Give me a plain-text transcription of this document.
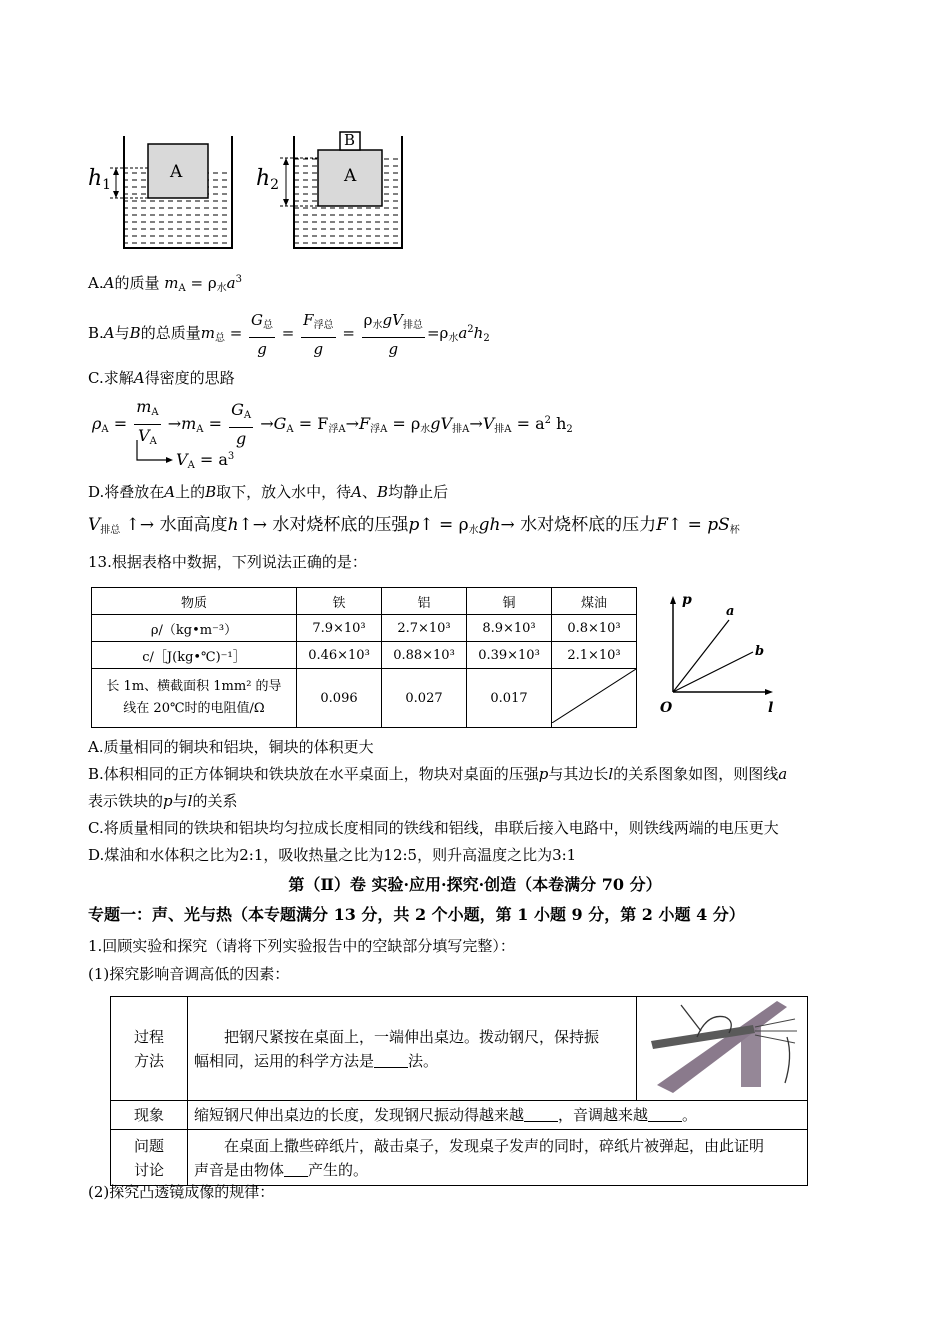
h1	h2
A	A
B
A.A的质量 $m_A = \rho_水a^3$
B.A与B的总质量$m_总 = \frac{G_总}{g} = \frac{F_{浮总}}{g} = \frac{\rho_水gV_{排总}}{g} =\rho_水a^2h_2$
C.求解A得密度的思路
$\rho_A = \frac{m_A}{V_A} \to m_A = \frac{G_A}{g} \to G_A = F_{浮A}\to F_{浮A} = \rho_水gV_{排A}\to V_{排A} = a^2$ $h_2$
$V_A = a^3$
D.将叠放在A上的B取下，放入水中，待A、B均静止后
$V_{排总}$ ↑→ 水面高度h↑→ 水对烧杯底的压强p↑ = $\rho_水gh\to$ 水对烧杯底的压力F↑ = $pS_杯$
13.根据表格中数据，下列说法正确的是：
物质	铁	铝	铜	煤油
ρ/（kg•m⁻³）	7.9×10³	2.7×10³	8.9×10³	0.8×10³
c/［J(kg•℃)⁻¹］	0.46×10³	0.88×10³	0.39×10³	2.1×10³
长 1m、横截面积 1mm² 的导
线在 20℃时的电阻值/Ω	0.096	0.027	0.017	
p
a
b
O	l
A.质量相同的铜块和铝块，铜块的体积更大
B.体积相同的正方体铜块和铁块放在水平桌面上，物块对桌面的压强p与其边长l的关系图象如图，则图线a
表示铁块的p与l的关系
C.将质量相同的铁块和铝块均匀拉成长度相同的铁线和铝线，串联后接入电路中，则铁线两端的电压更大
D.煤油和水体积之比为2:1，吸收热量之比为12:5，则升高温度之比为3:1
第（Ⅱ）卷 实验·应用·探究·创造（本卷满分 70 分）
专题一：声、光与热（本专题满分 13 分，共 2 个小题，第 1 小题 9 分，第 2 小题 4 分）
1.回顾实验和探究（请将下列实验报告中的空缺部分填写完整）：
(1)探究影响音调高低的因素：
过程
方法	把钢尺紧按在桌面上，一端伸出桌边。拨动钢尺，保持振
幅相同，运用的科学方法是 法。	
现象	缩短钢尺伸出桌边的长度，发现钢尺振动得越来越 ，音调越来越 。	
问题
讨论	在桌面上撒些碎纸片，敲击桌子，发现桌子发声的同时，碎纸片被弹起，由此证明
声音是由物体 产生的。	
(2)探究凸透镜成像的规律：
